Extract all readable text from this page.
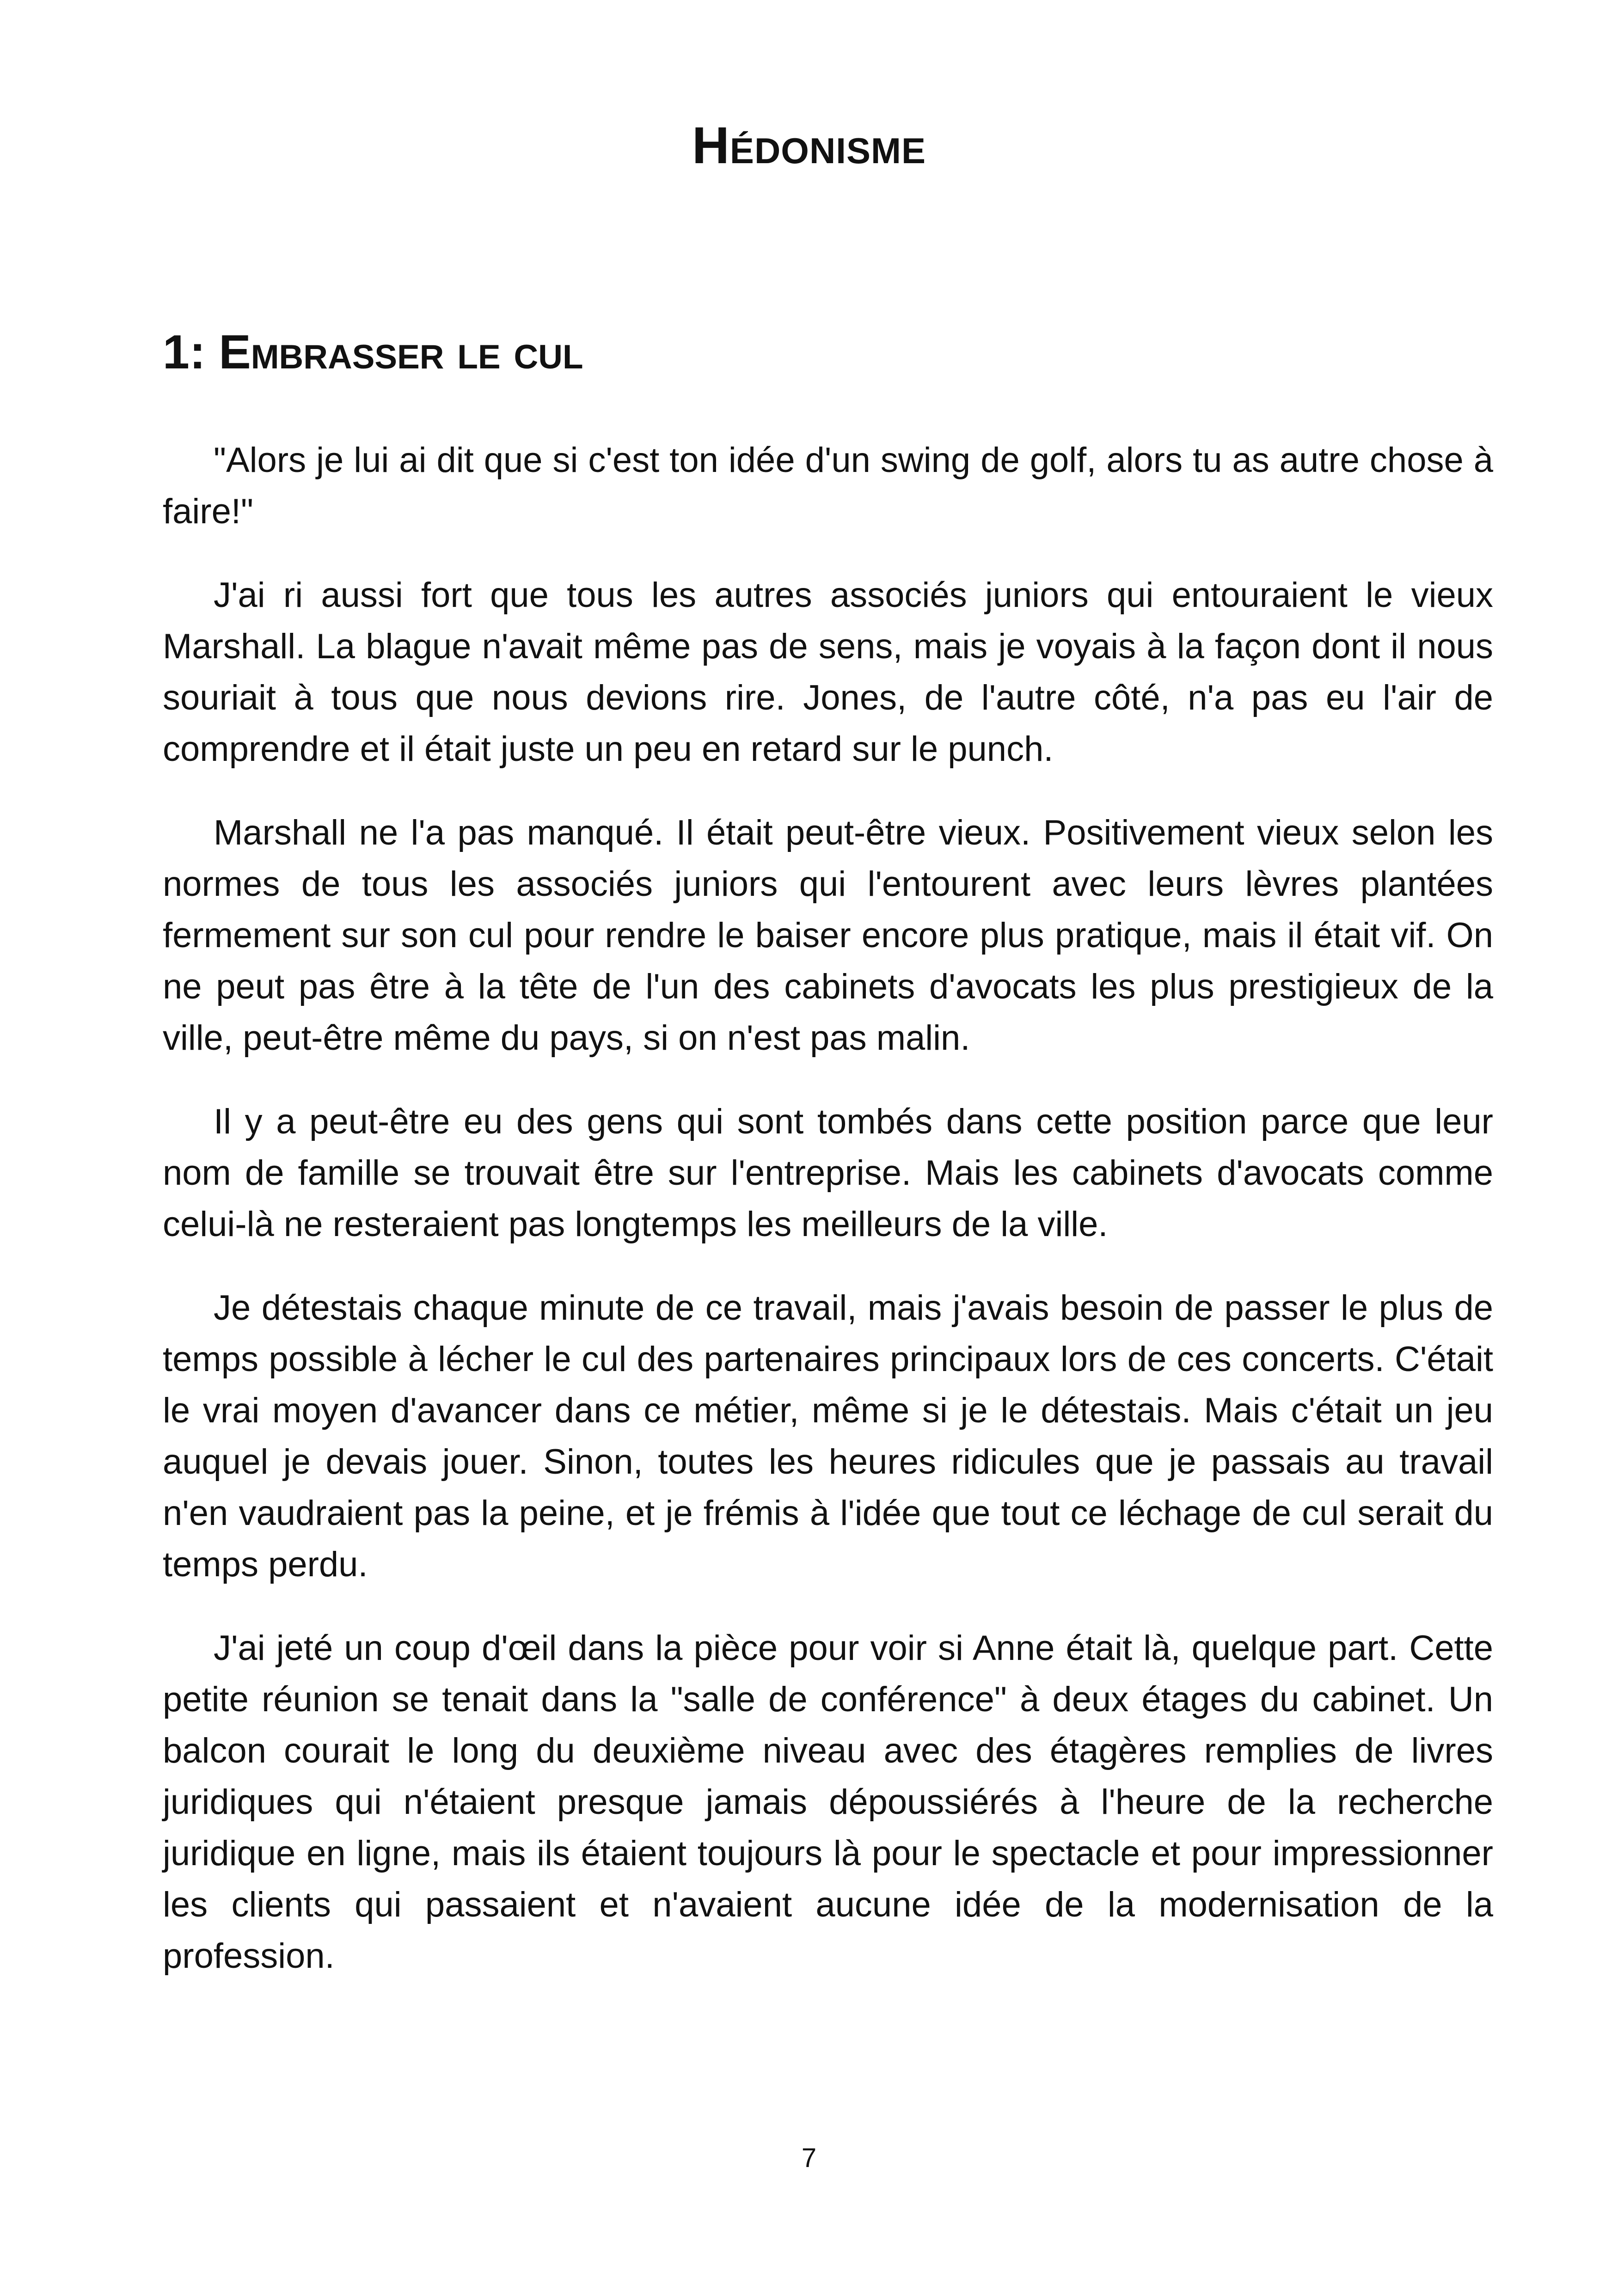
Hédonisme
1: Embrasser le cul

"Alors je lui ai dit que si c'est ton idée d'un swing de golf, alors tu as autre chose à faire!"

J'ai ri aussi fort que tous les autres associés juniors qui entouraient le vieux Marshall. La blague n'avait même pas de sens, mais je voyais à la façon dont il nous souriait à tous que nous devions rire. Jones, de l'autre côté, n'a pas eu l'air de comprendre et il était juste un peu en retard sur le punch.

Marshall ne l'a pas manqué. Il était peut-être vieux. Positivement vieux selon les normes de tous les associés juniors qui l'entourent avec leurs lèvres plantées fermement sur son cul pour rendre le baiser encore plus pratique, mais il était vif. On ne peut pas être à la tête de l'un des cabinets d'avocats les plus prestigieux de la ville, peut-être même du pays, si on n'est pas malin.

Il y a peut-être eu des gens qui sont tombés dans cette position parce que leur nom de famille se trouvait être sur l'entreprise. Mais les cabinets d'avocats comme celui-là ne resteraient pas longtemps les meilleurs de la ville.

Je détestais chaque minute de ce travail, mais j'avais besoin de passer le plus de temps possible à lécher le cul des partenaires principaux lors de ces concerts. C'était le vrai moyen d'avancer dans ce métier, même si je le détestais. Mais c'était un jeu auquel je devais jouer. Sinon, toutes les heures ridicules que je passais au travail n'en vaudraient pas la peine, et je frémis à l'idée que tout ce léchage de cul serait du temps perdu.

J'ai jeté un coup d'œil dans la pièce pour voir si Anne était là, quelque part. Cette petite réunion se tenait dans la "salle de conférence" à deux étages du cabinet. Un balcon courait le long du deuxième niveau avec des étagères remplies de livres juridiques qui n'étaient presque jamais dépoussiérés à l'heure de la recherche juridique en ligne, mais ils étaient toujours là pour le spectacle et pour impressionner les clients qui passaient et n'avaient aucune idée de la modernisation de la profession.

7
